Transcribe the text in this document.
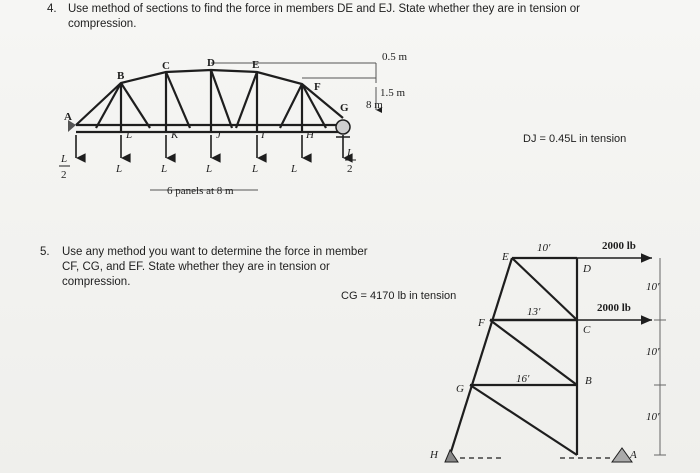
4. Use method of sections to find the force in members DE and EJ. State whether they are in tension or
compression.
DJ = 0.45L in tension
5. Use any method you want to determine the force in member
CF, CG, and EF. State whether they are in tension or
compression.
CG = 4170 lb in tension
B
C	D	E
F
G
A
L	K	J	I	H
L	L	L	L	L
L
2
L
2
0.5 m
1.5 m
8 m
6 panels at 8 m
E
D
F
C
G
B
H	A
10′
13′
16′
2000 lb
2000 lb
10′
10′
10′
